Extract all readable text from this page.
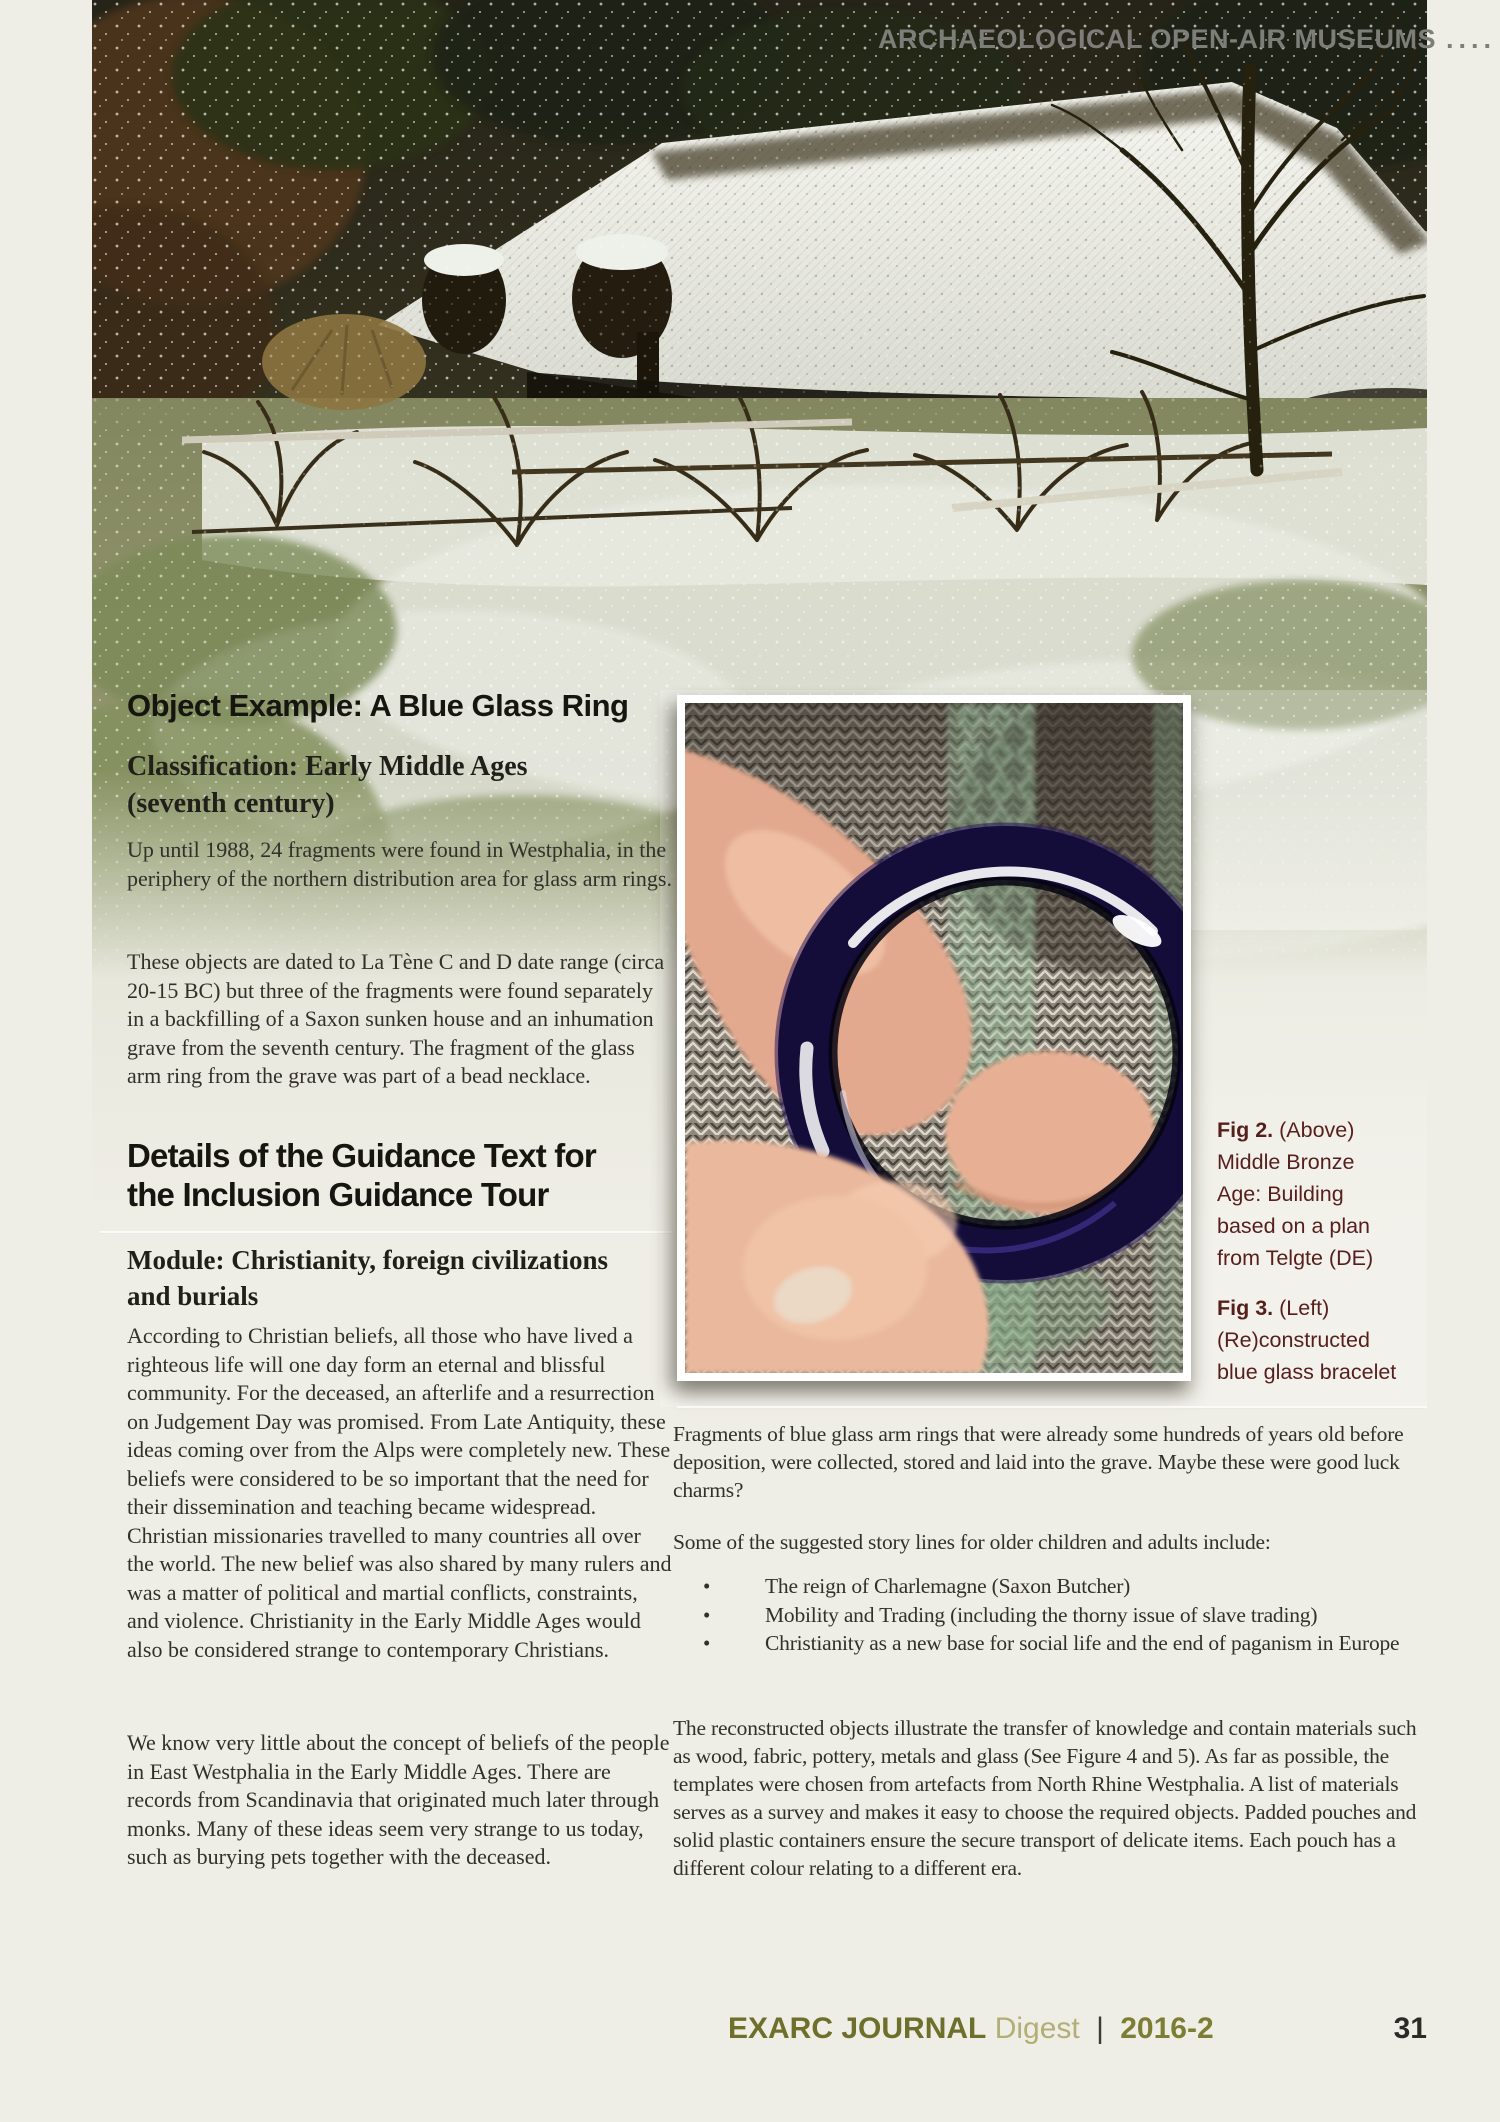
ARCHAEOLOGICAL OPEN-AIR MUSEUMS ....
Object Example: A Blue Glass Ring
Classification: Early Middle Ages
(seventh century)

Up until 1988, 24 fragments were found in Westphalia, in the periphery of the northern distribution area for glass arm rings.

These objects are dated to La Tène C and D date range (circa 20-15 BC) but three of the fragments were found separately in a backfilling of a Saxon sunken house and an inhumation grave from the seventh century. The fragment of the glass arm ring from the grave was part of a bead necklace.

Details of the Guidance Text for
the Inclusion Guidance Tour
Module: Christianity, foreign civilizations
and burials

According to Christian beliefs, all those who have lived a righteous life will one day form an eternal and blissful community. For the deceased, an afterlife and a resurrection on Judgement Day was promised. From Late Antiquity, these ideas coming over from the Alps were completely new. These beliefs were considered to be so important that the need for their dissemination and teaching became widespread. Christian missionaries travelled to many countries all over the world. The new belief was also shared by many rulers and was a matter of political and martial conflicts, constraints, and violence. Christianity in the Early Middle Ages would also be considered strange to contemporary Christians.

We know very little about the concept of beliefs of the people in East Westphalia in the Early Middle Ages. There are records from Scandinavia that originated much later through monks. Many of these ideas seem very strange to us today, such as burying pets together with the deceased.

Fig 2. (Above)
Middle Bronze
Age: Building
based on a plan
from Telgte (DE)
Fig 3. (Left)
(Re)constructed
blue glass bracelet

Fragments of blue glass arm rings that were already some hundreds of years old before deposition, were collected, stored and laid into the grave. Maybe these were good luck charms?

Some of the suggested story lines for older children and adults include:

• The reign of Charlemagne (Saxon Butcher)
• Mobility and Trading (including the thorny issue of slave trading)
• Christianity as a new base for social life and the end of paganism in Europe

The reconstructed objects illustrate the transfer of knowledge and contain materials such as wood, fabric, pottery, metals and glass (See Figure 4 and 5). As far as possible, the templates were chosen from artefacts from North Rhine Westphalia. A list of materials serves as a survey and makes it easy to choose the required objects. Padded pouches and solid plastic containers ensure the secure transport of delicate items. Each pouch has a different colour relating to a different era.

EXARC JOURNAL Digest | 2016-2	31
